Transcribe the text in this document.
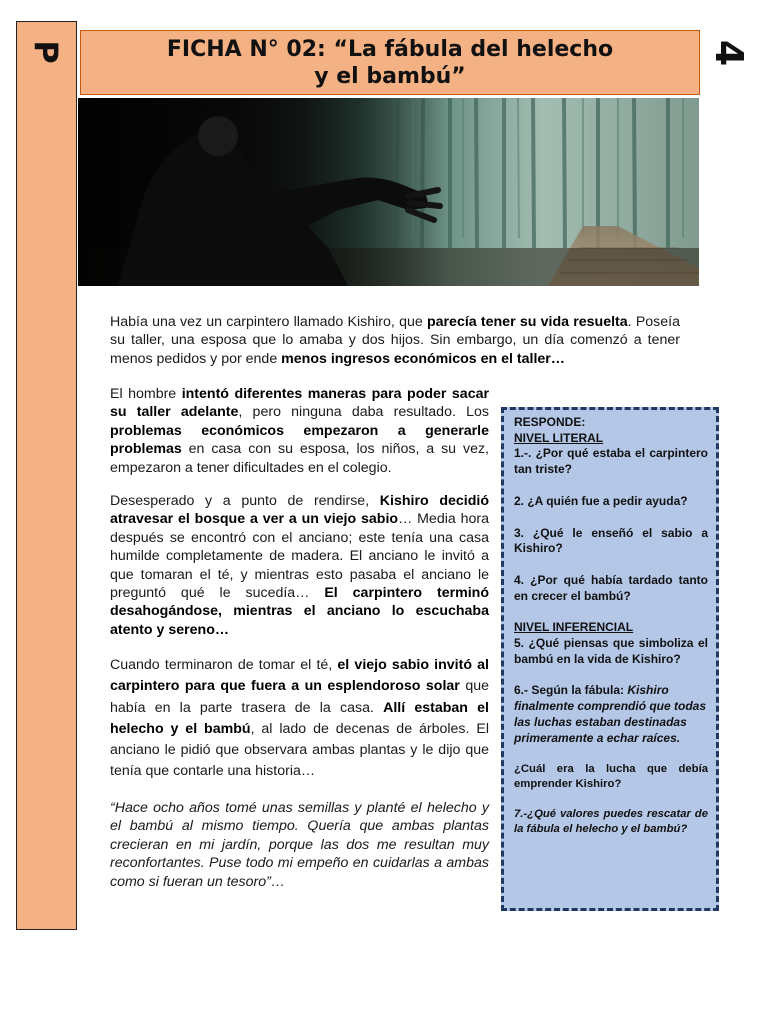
P	4
FICHA N° 02: “La fábula del helecho
y el bambú”
Había una vez un carpintero llamado Kishiro, que parecía tener su vida resuelta. Poseía su taller, una esposa que lo amaba y dos hijos. Sin embargo, un día comenzó a tener menos pedidos y por ende menos ingresos económicos en el taller…
El hombre intentó diferentes maneras para poder sacar su taller adelante, pero ninguna daba resultado. Los problemas económicos empezaron a generarle problemas en casa con su esposa, los niños, a su vez, empezaron a tener dificultades en el colegio.
Desesperado y a punto de rendirse, Kishiro decidió atravesar el bosque a ver a un viejo sabio… Media hora después se encontró con el anciano; este tenía una casa humilde completamente de madera. El anciano le invitó a que tomaran el té, y mientras esto pasaba el anciano le preguntó qué le sucedía… El carpintero terminó desahogándose, mientras el anciano lo escuchaba atento y sereno…
Cuando terminaron de tomar el té, el viejo sabio invitó al carpintero para que fuera a un esplendoroso solar que había en la parte trasera de la casa. Allí estaban el helecho y el bambú, al lado de decenas de árboles. El anciano le pidió que observara ambas plantas y le dijo que tenía que contarle una historia…
“Hace ocho años tomé unas semillas y planté el helecho y el bambú al mismo tiempo. Quería que ambas plantas crecieran en mi jardín, porque las dos me resultan muy reconfortantes. Puse todo mi empeño en cuidarlas a ambas como si fueran un tesoro”…
RESPONDE:
NIVEL LITERAL
1.-. ¿Por qué estaba el carpintero tan triste?
2. ¿A quién fue a pedir ayuda?
3. ¿Qué le enseñó el sabio a Kishiro?
4. ¿Por qué había tardado tanto en crecer el bambú?
NIVEL INFERENCIAL
5. ¿Qué piensas que simboliza el bambú en la vida de Kishiro?
6.- Según la fábula: Kishiro finalmente comprendió que todas las luchas estaban destinadas primeramente a echar raíces.
¿Cuál era la lucha que debía emprender Kishiro?
7.-¿Qué valores puedes rescatar de la fábula el helecho y el bambú?
